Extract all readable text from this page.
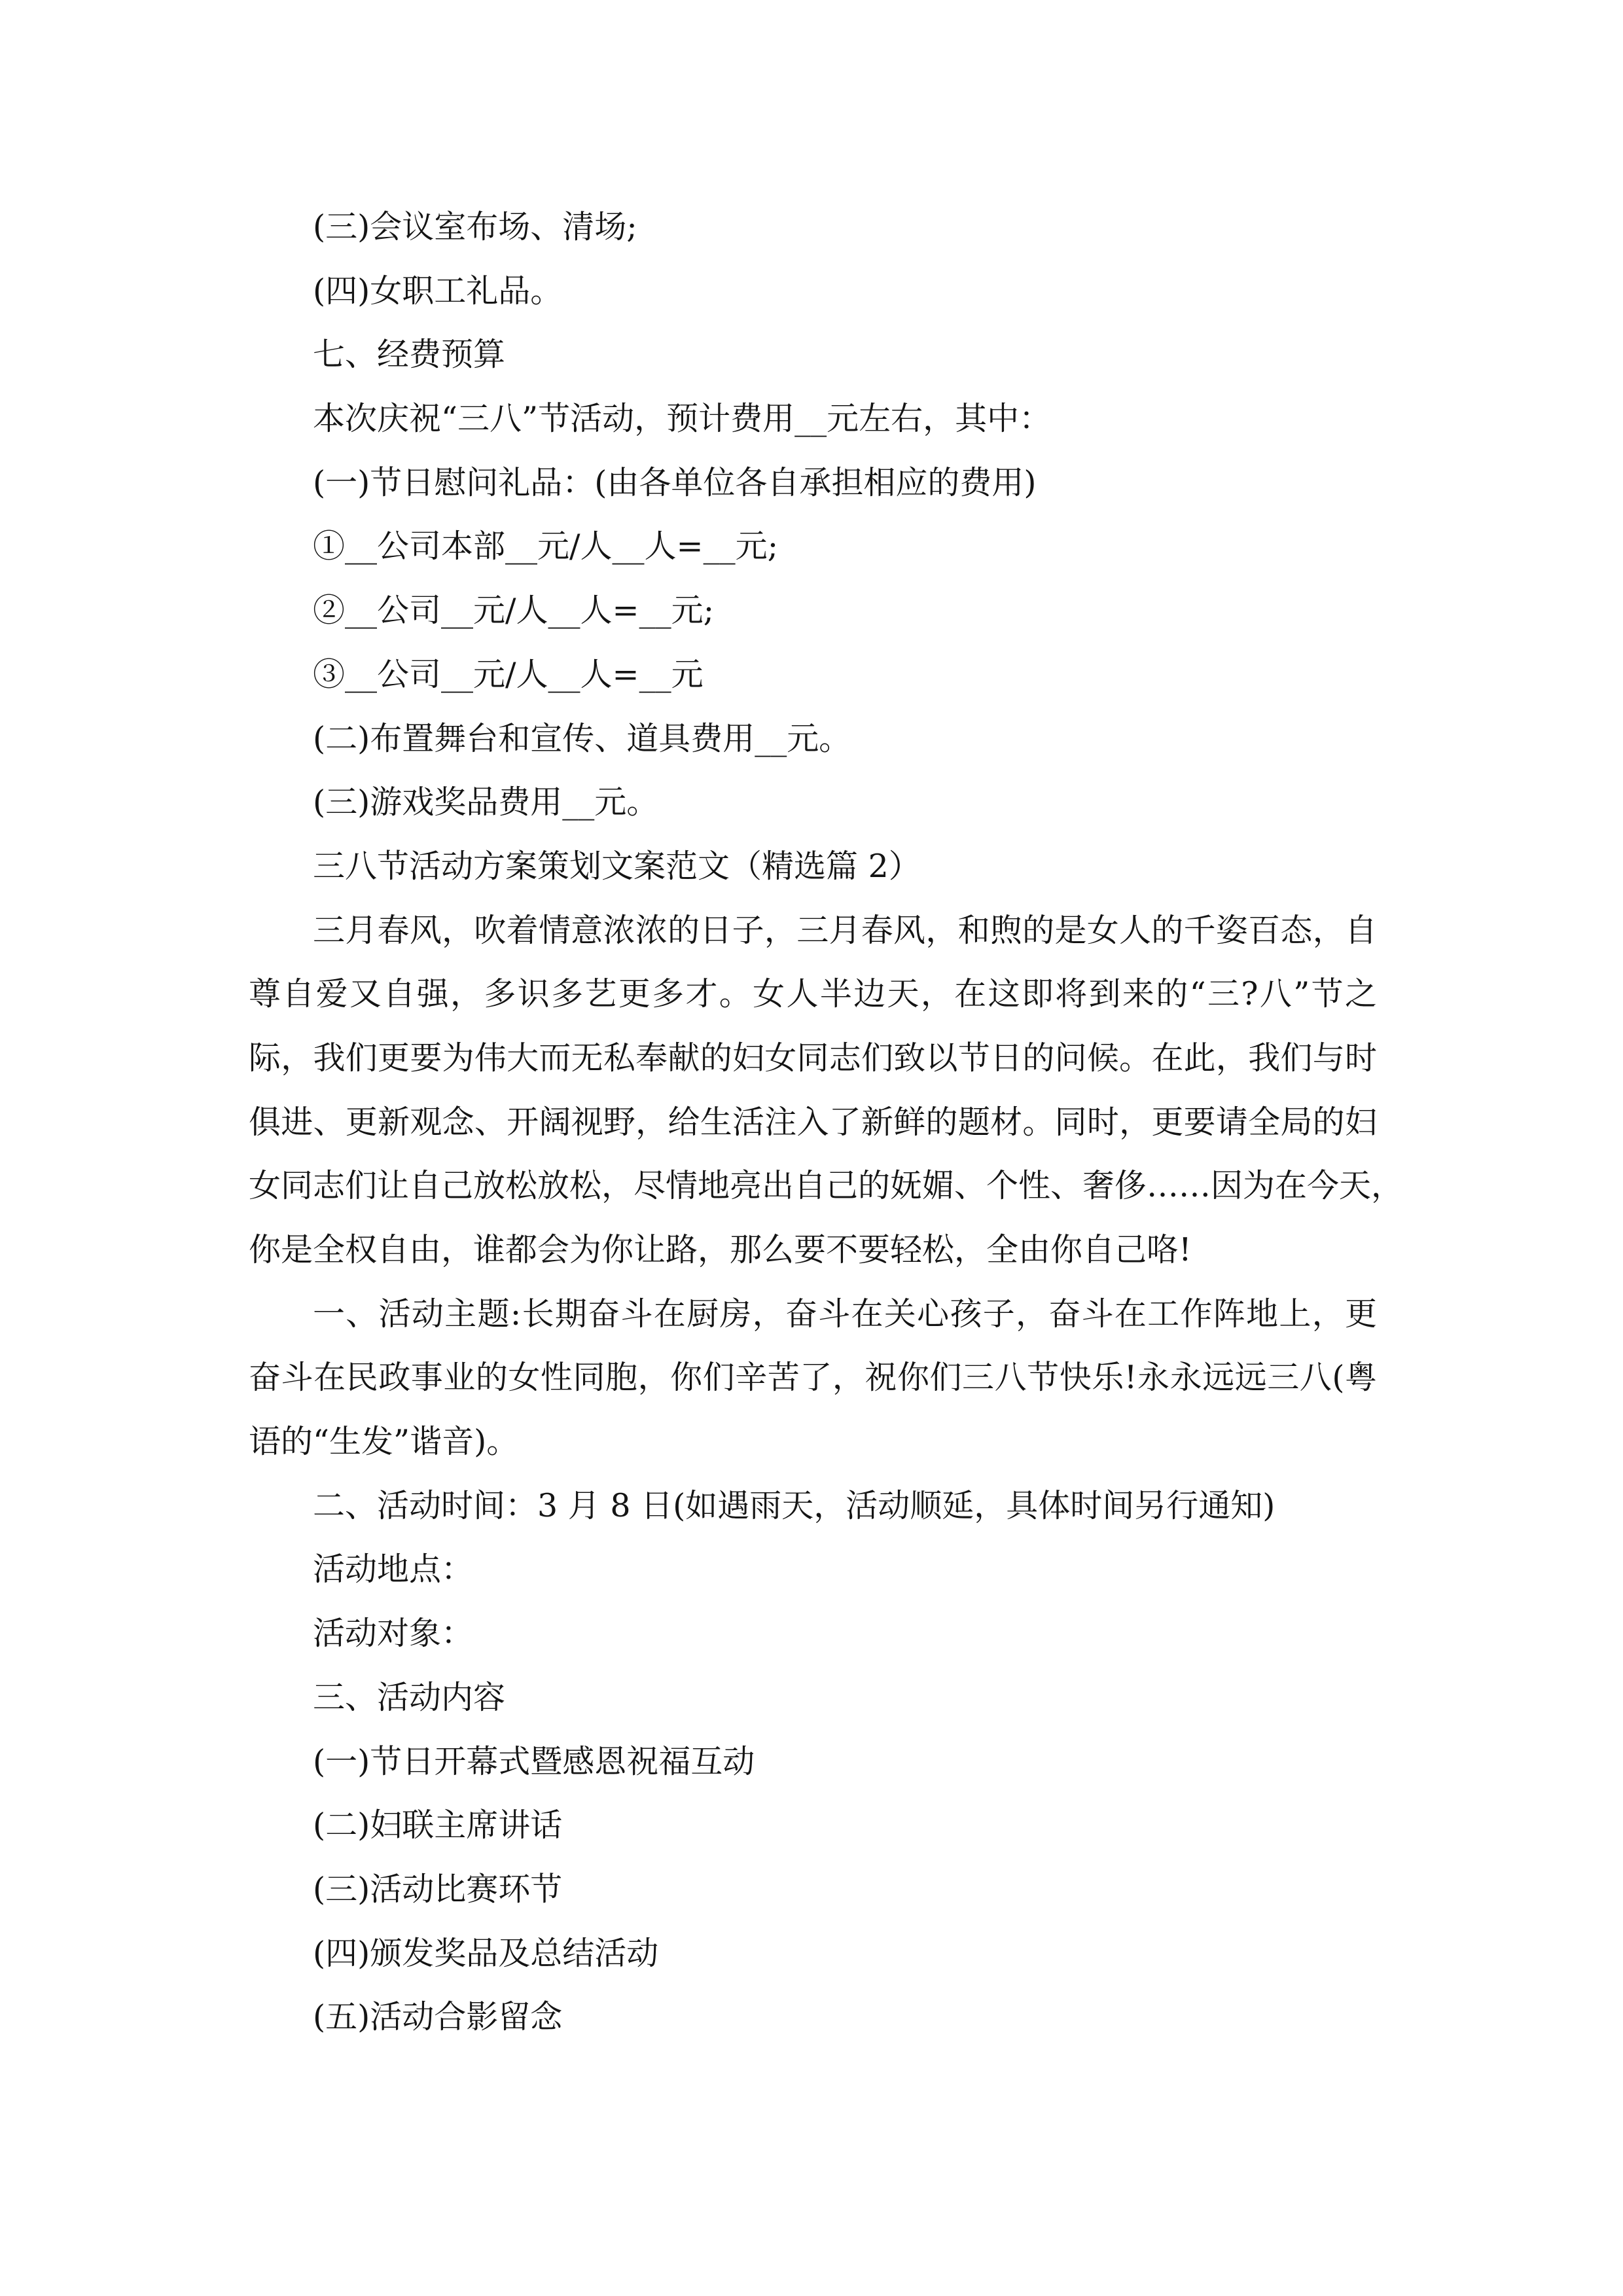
(三)会议室布场、清场;
(四)女职工礼品。
七、经费预算
本次庆祝“三八”节活动，预计费用__元左右，其中：
(一)节日慰问礼品：(由各单位各自承担相应的费用)
①__公司本部__元/人__人=__元;
②__公司__元/人__人=__元;
③__公司__元/人__人=__元
(二)布置舞台和宣传、道具费用__元。
(三)游戏奖品费用__元。
三八节活动方案策划文案范文（精选篇 2）
三月春风，吹着情意浓浓的日子，三月春风，和煦的是女人的千姿百态，自
尊自爱又自强，多识多艺更多才。女人半边天，在这即将到来的“三?八”节之
际，我们更要为伟大而无私奉献的妇女同志们致以节日的问候。在此，我们与时
俱进、更新观念、开阔视野，给生活注入了新鲜的题材。同时，更要请全局的妇
女同志们让自己放松放松，尽情地亮出自己的妩媚、个性、奢侈……因为在今天，
你是全权自由，谁都会为你让路，那么要不要轻松，全由你自己咯!
一、活动主题:长期奋斗在厨房，奋斗在关心孩子，奋斗在工作阵地上，更
奋斗在民政事业的女性同胞，你们辛苦了，祝你们三八节快乐!永永远远三八(粤
语的“生发”谐音)。
二、活动时间：3 月 8 日(如遇雨天，活动顺延，具体时间另行通知)
活动地点：
活动对象：
三、活动内容
(一)节日开幕式暨感恩祝福互动
(二)妇联主席讲话
(三)活动比赛环节
(四)颁发奖品及总结活动
(五)活动合影留念
